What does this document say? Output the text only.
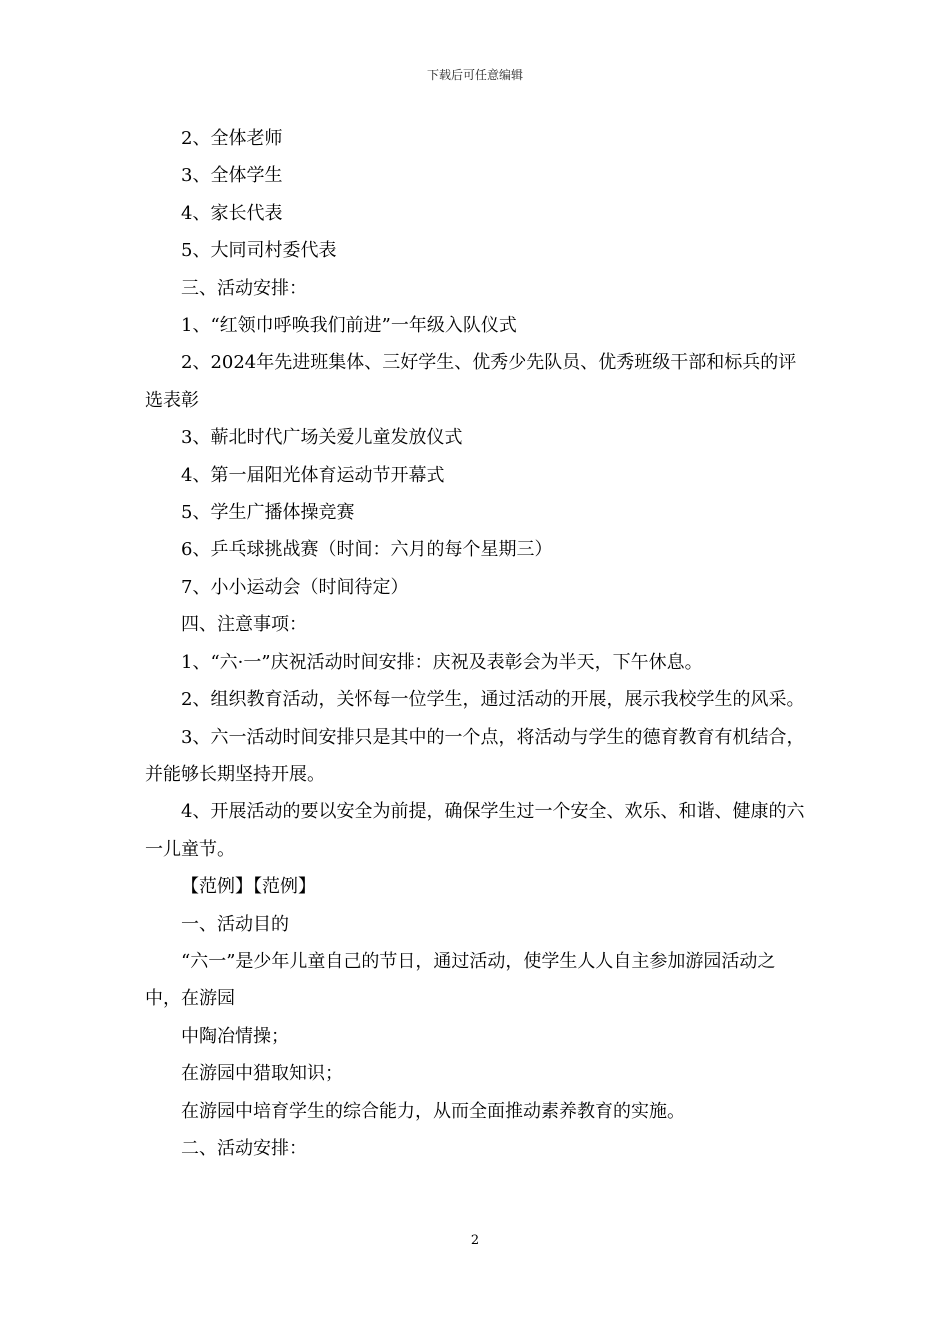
下载后可任意编辑

2、全体老师

3、全体学生

4、家长代表

5、大同司村委代表

三、活动安排：

1、“红领巾呼唤我们前进”一年级入队仪式

2、2024年先进班集体、三好学生、优秀少先队员、优秀班级干部和标兵的评选表彰

3、蕲北时代广场关爱儿童发放仪式

4、第一届阳光体育运动节开幕式

5、学生广播体操竞赛

6、乒乓球挑战赛（时间：六月的每个星期三）

7、小小运动会（时间待定）

四、注意事项：

1、“六·一”庆祝活动时间安排：庆祝及表彰会为半天，下午休息。

2、组织教育活动，关怀每一位学生，通过活动的开展，展示我校学生的风采。

3、六一活动时间安排只是其中的一个点，将活动与学生的德育教育有机结合，并能够长期坚持开展。

4、开展活动的要以安全为前提，确保学生过一个安全、欢乐、和谐、健康的六一儿童节。

【范例】【范例】

一、活动目的

“六一”是少年儿童自己的节日，通过活动，使学生人人自主参加游园活动之中，在游园

中陶冶情操；

在游园中猎取知识；

在游园中培育学生的综合能力，从而全面推动素养教育的实施。

二、活动安排：

2
